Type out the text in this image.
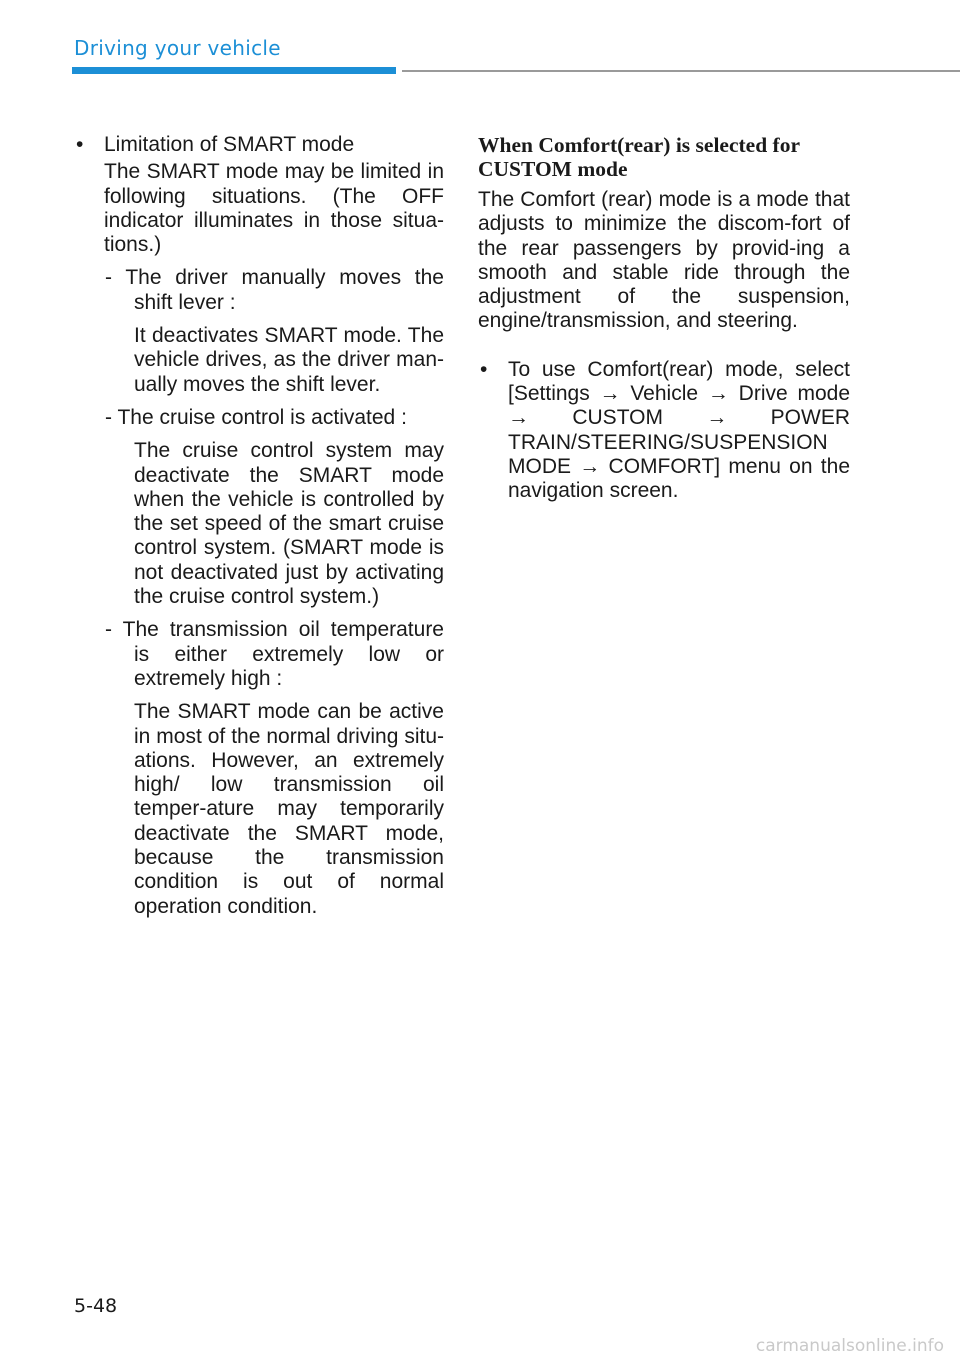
Driving your vehicle
• Limitation of SMART mode

The SMART mode may be limited in following situations. (The OFF indicator illuminates in those situa-tions.)

- The driver manually moves the shift lever :

It deactivates SMART mode. The vehicle drives, as the driver man-ually moves the shift lever.

- The cruise control is activated :

The cruise control system may deactivate the SMART mode when the vehicle is controlled by the set speed of the smart cruise control system. (SMART mode is not deactivated just by activating the cruise control system.)

- The transmission oil temperature is either extremely low or extremely high :

The SMART mode can be active in most of the normal driving situ-ations. However, an extremely high/ low transmission oil temper-ature may temporarily deactivate the SMART mode, because the transmission condition is out of normal operation condition.

When Comfort(rear) is selected for CUSTOM mode

The Comfort (rear) mode is a mode that adjusts to minimize the discom-fort of the rear passengers by provid-ing a smooth and stable ride through the adjustment of the suspension, engine/transmission, and steering.

• To use Comfort(rear) mode, select [Settings → Vehicle → Drive mode → CUSTOM → POWER TRAIN/STEERING/SUSPENSION MODE → COMFORT] menu on the navigation screen.

5-48
carmanualsonline.info
